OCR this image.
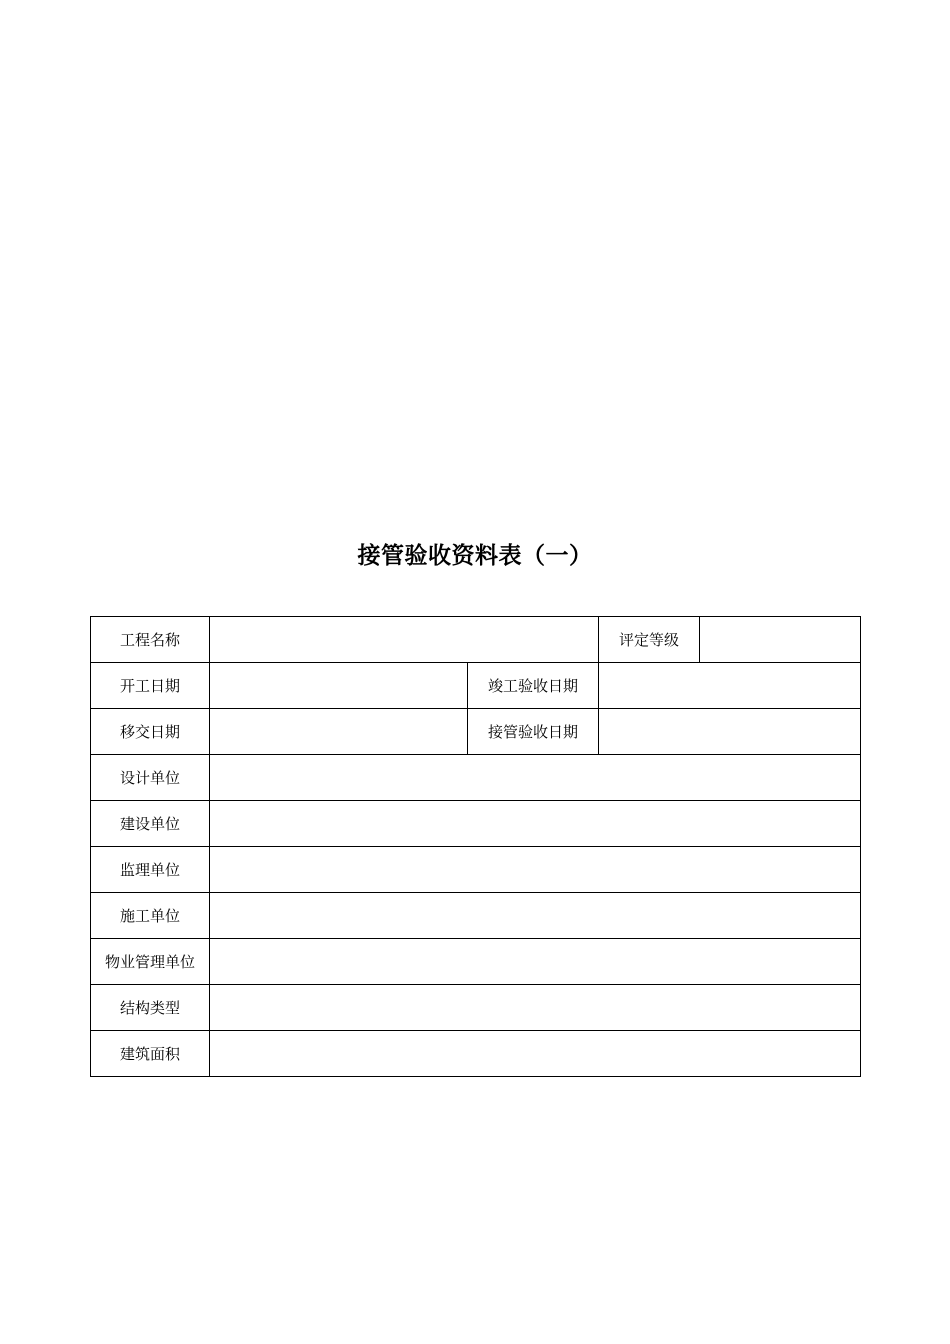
接管验收资料表（一）
工程名称			评定等级	
开工日期		竣工验收日期		
移交日期		接管验收日期		
设计单位				
建设单位				
监理单位				
施工单位				
物业管理单位				
结构类型				
建筑面积				
